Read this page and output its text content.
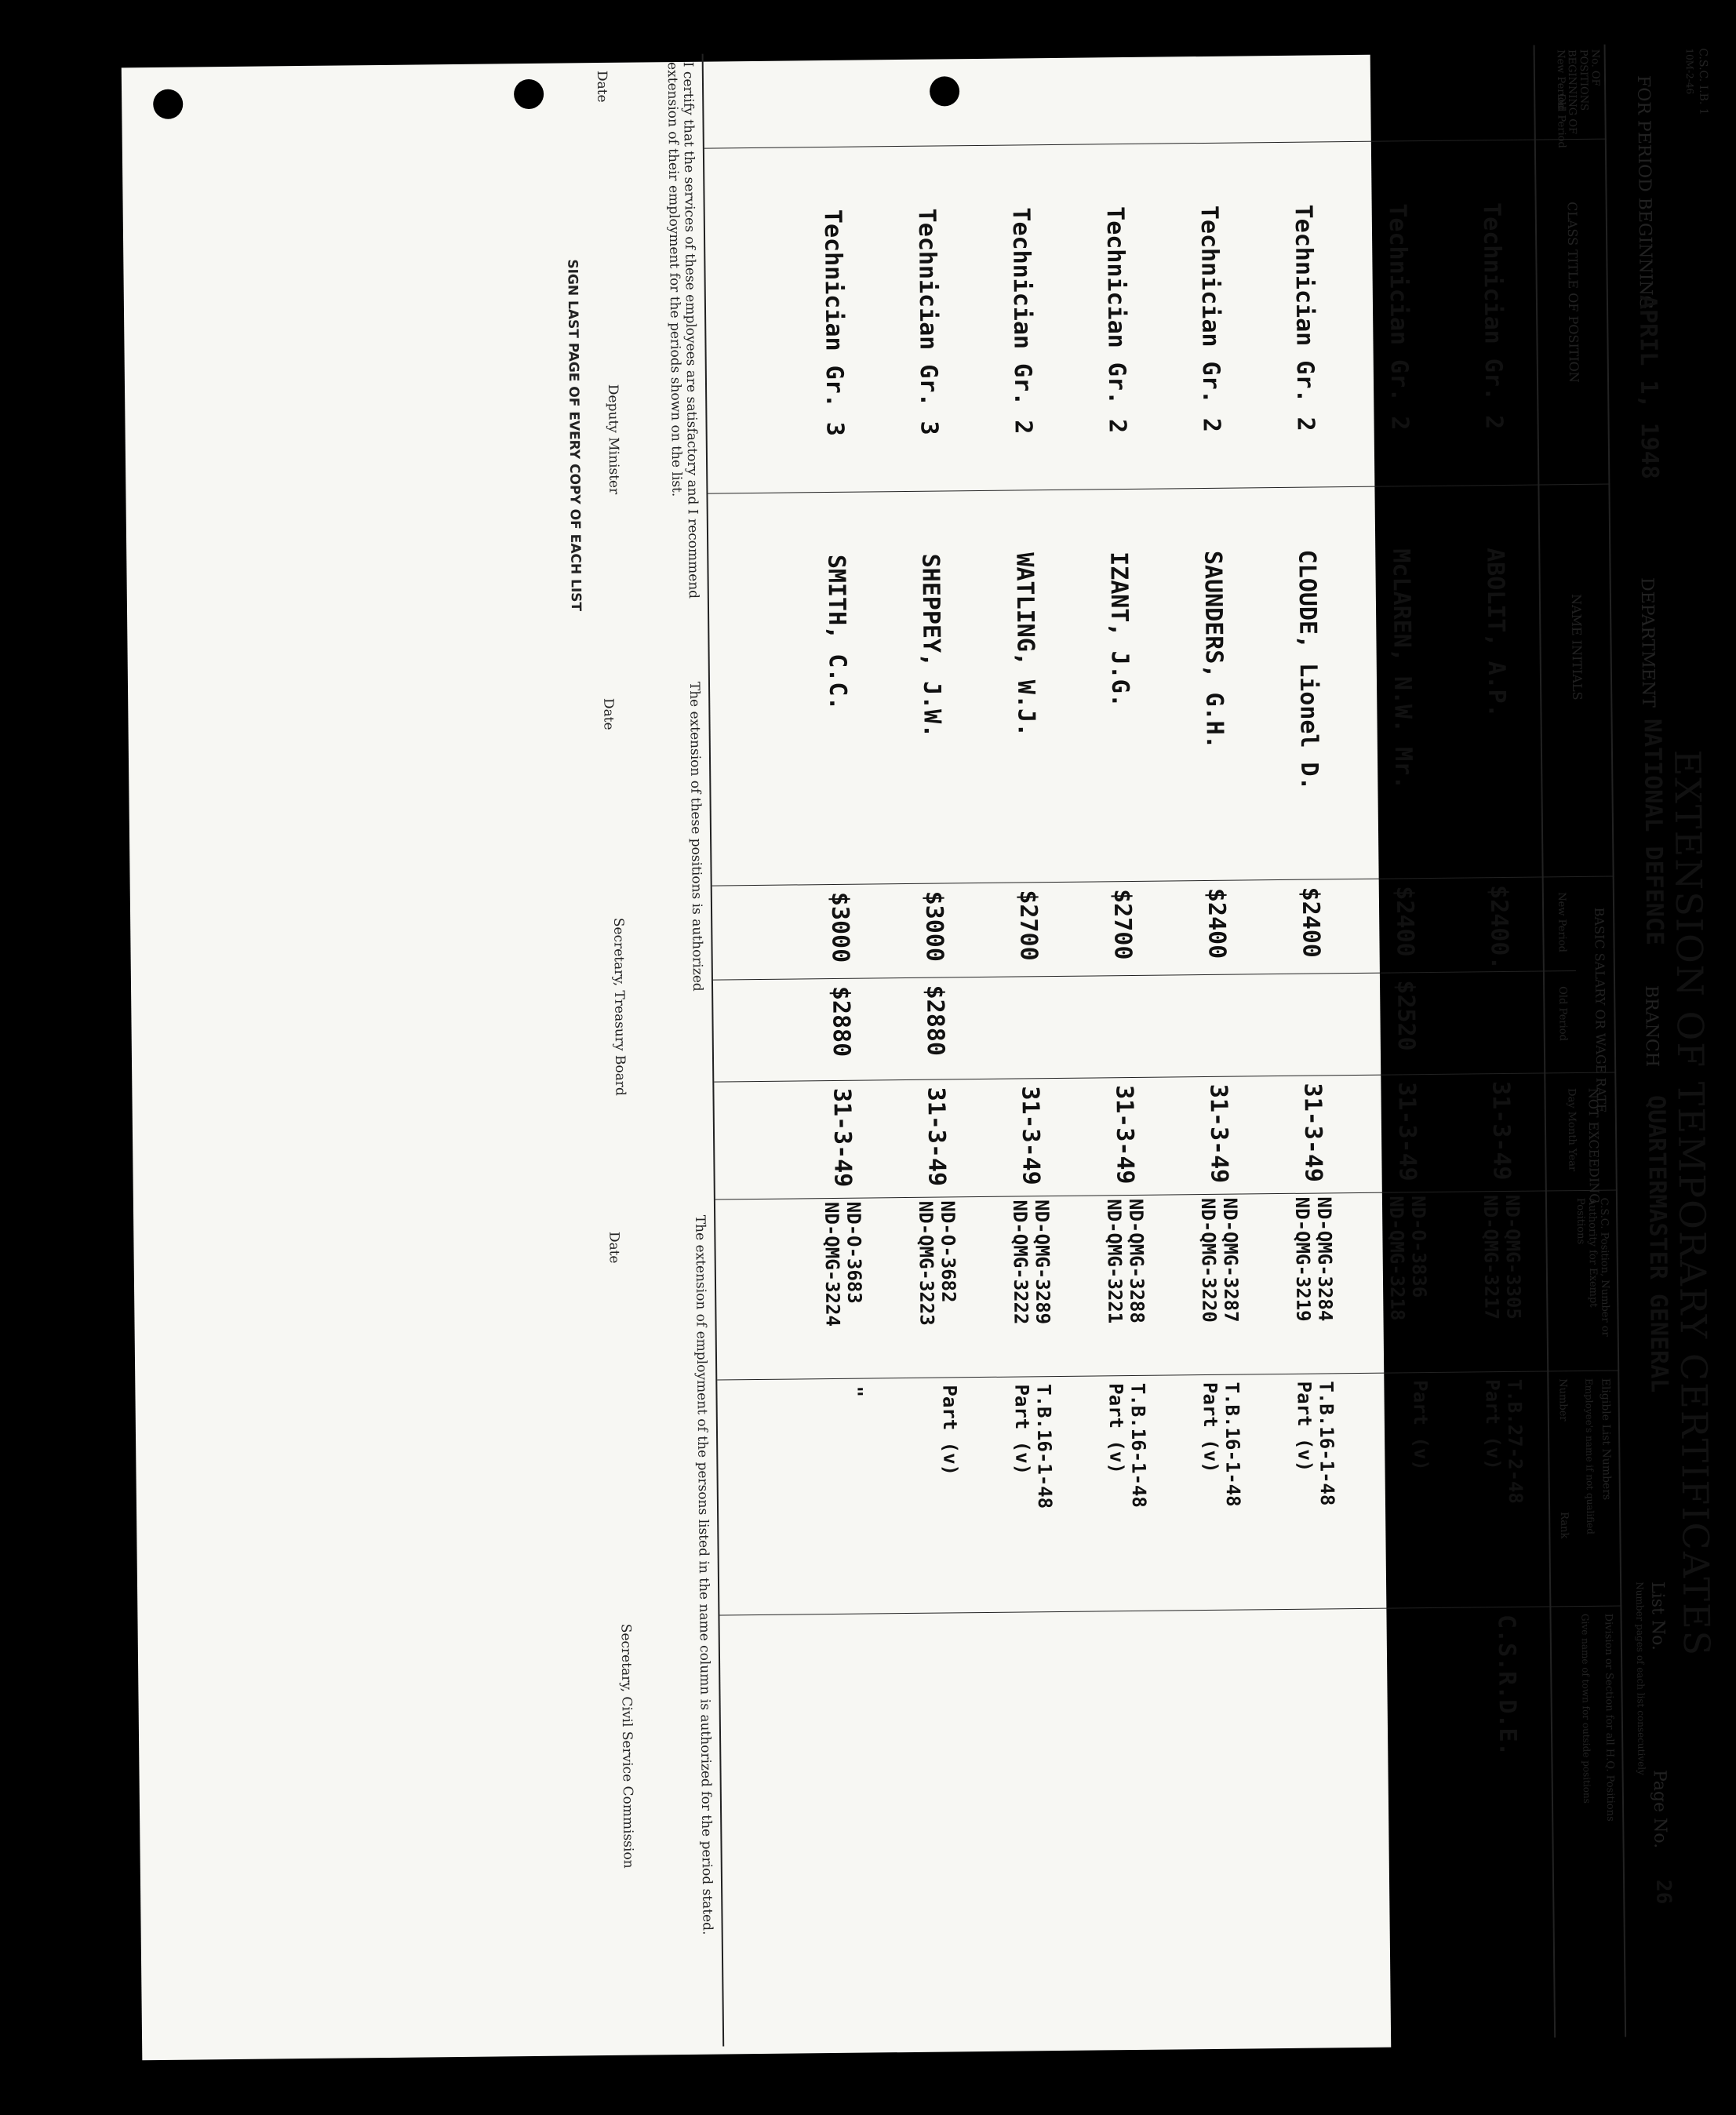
C.S.C. I.B. 1
10M-2-46
EXTENSION OF TEMPORARY CERTIFICATES
FOR PERIOD BEGINNING
APRIL 1, 1948
DEPARTMENT
NATIONAL DEFENCE
BRANCH
QUARTERMASTER GENERAL
List No.
Number pages of each list consecutively
Page No.
26
No. OF POSITIONS BEGINNING OF
New Period
Old Period
CLASS TITLE OF POSITION
NAME INITIALS
BASIC SALARY OR WAGE RATE
New Period
Old Period
NOT EXCEEDING
Day Month Year
C.S.C. Position, Number or Authority for Exempt Positions
Eligible List Numbers
Employee's name if not qualified
Number
Rank
Division or Section for all H.Q. Positions
Give name of town for outside positions
Technician Gr. 2
ABOLIT, A.P.
$2400.
31-3-49
ND-QMG-3305
ND-QMG-3217
T.B.27-2-48
Part (v)
C.S.R.D.E.
Technician Gr. 2
McLAREN, N.W. Mr.
$2400
$2520
31-3-49
ND-O-3836
ND-QMG-3218
Part (v)
Technician Gr. 2
CLOUDE, Lionel D.
$2400
31-3-49
ND-QMG-3284
ND-QMG-3219
T.B.16-1-48
Part (v)
Technician Gr. 2
SAUNDERS, G.H.
$2400
31-3-49
ND-QMG-3287
ND-QMG-3220
T.B.16-1-48
Part (v)
Technician Gr. 2
IZANT, J.G.
$2700
31-3-49
ND-QMG-3288
ND-QMG-3221
T.B.16-1-48
Part (v)
Technician Gr. 2
WATLING, W.J.
$2700
31-3-49
ND-QMG-3289
ND-QMG-3222
T.B.16-1-48
Part (v)
Technician Gr. 3
SHEPPEY, J.W.
$3000
$2880
31-3-49
ND-O-3682
ND-QMG-3223
Part (v)
Technician Gr. 3
SMITH, C.C.
$3000
$2880
31-3-49
ND-O-3683
ND-QMG-3224
"
I certify that the services of these employees are satisfactory and I recommend extension of their employment for the periods shown on the list.
Date
Deputy Minister
SIGN LAST PAGE OF EVERY COPY OF EACH LIST
The extension of these positions is authorized
Date
Secretary, Treasury Board
The extension of employment of the persons listed in the name column is authorized for the period stated.
Date
Secretary, Civil Service Commission
